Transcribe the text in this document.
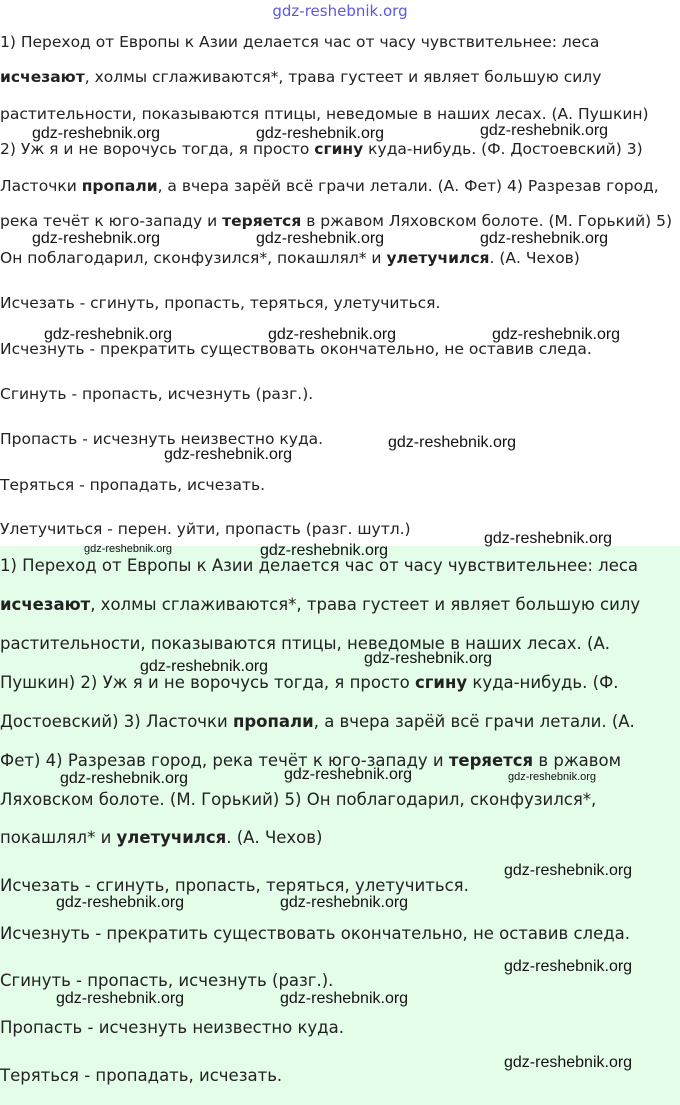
gdz-reshebnik.org
1) Переход от Европы к Азии делается час от часу чувствительнее: леса
исчезают, холмы сглаживаются*, трава густеет и являет большую силу
растительности, показываются птицы, неведомые в наших лесах. (А. Пушкин)
2) Уж я и не ворочусь тогда, я просто сгину куда-нибудь. (Ф. Достоевский) 3)
Ласточки пропали, а вчера зарёй всё грачи летали. (А. Фет) 4) Разрезав город,
река течёт к юго-западу и теряется в ржавом Ляховском болоте. (М. Горький) 5)
Он поблагодарил, сконфузился*, покашлял* и улетучился. (А. Чехов)
Исчезать - сгинуть, пропасть, теряться, улетучиться.
Исчезнуть - прекратить существовать окончательно, не оставив следа.
Сгинуть - пропасть, исчезнуть (разг.).
Пропасть - исчезнуть неизвестно куда.
Теряться - пропадать, исчезать.
Улетучиться - перен. уйти, пропасть (разг. шутл.)
1) Переход от Европы к Азии делается час от часу чувствительнее: леса
исчезают, холмы сглаживаются*, трава густеет и являет большую силу
растительности, показываются птицы, неведомые в наших лесах. (А.
Пушкин) 2) Уж я и не ворочусь тогда, я просто сгину куда-нибудь. (Ф.
Достоевский) 3) Ласточки пропали, а вчера зарёй всё грачи летали. (А.
Фет) 4) Разрезав город, река течёт к юго-западу и теряется в ржавом
Ляховском болоте. (М. Горький) 5) Он поблагодарил, сконфузился*,
покашлял* и улетучился. (А. Чехов)
Исчезать - сгинуть, пропасть, теряться, улетучиться.
Исчезнуть - прекратить существовать окончательно, не оставив следа.
Сгинуть - пропасть, исчезнуть (разг.).
Пропасть - исчезнуть неизвестно куда.
Теряться - пропадать, исчезать.
gdz-reshebnik.org	gdz-reshebnik.org	gdz-reshebnik.org
gdz-reshebnik.org	gdz-reshebnik.org	gdz-reshebnik.org
gdz-reshebnik.org	gdz-reshebnik.org	gdz-reshebnik.org
gdz-reshebnik.org
gdz-reshebnik.org
gdz-reshebnik.org
gdz-reshebnik.org	gdz-reshebnik.org
gdz-reshebnik.org	gdz-reshebnik.org
gdz-reshebnik.org	gdz-reshebnik.org	gdz-reshebnik.org
gdz-reshebnik.org
gdz-reshebnik.org	gdz-reshebnik.org
gdz-reshebnik.org
gdz-reshebnik.org	gdz-reshebnik.org
gdz-reshebnik.org
